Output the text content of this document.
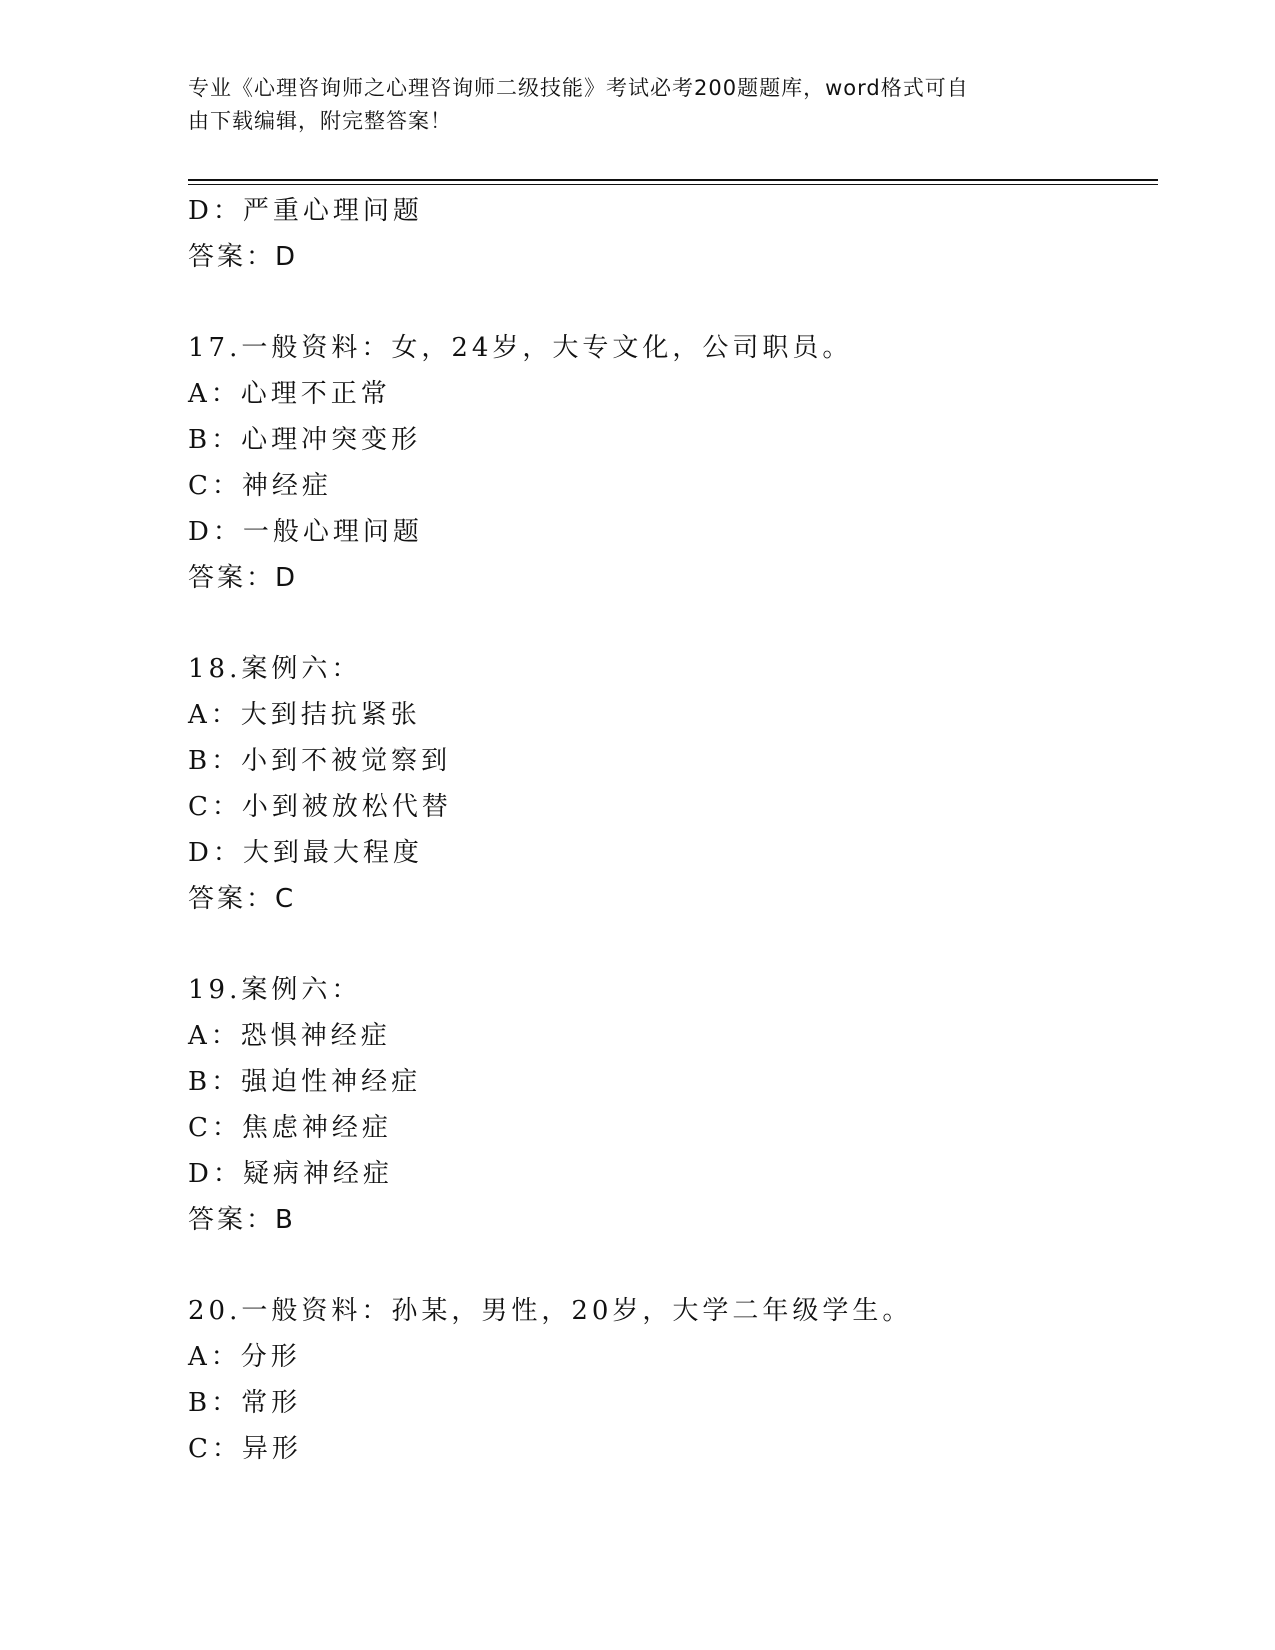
专业《心理咨询师之心理咨询师二级技能》考试必考200题题库，word格式可自
由下载编辑，附完整答案！
D：严重心理问题
答案：D
17.一般资料：女，24岁，大专文化，公司职员。
A：心理不正常
B：心理冲突变形
C：神经症
D：一般心理问题
答案：D
18.案例六：
A：大到拮抗紧张
B：小到不被觉察到
C：小到被放松代替
D：大到最大程度
答案：C
19.案例六：
A：恐惧神经症
B：强迫性神经症
C：焦虑神经症
D：疑病神经症
答案：B
20.一般资料：孙某，男性，20岁，大学二年级学生。
A：分形
B：常形
C：异形
